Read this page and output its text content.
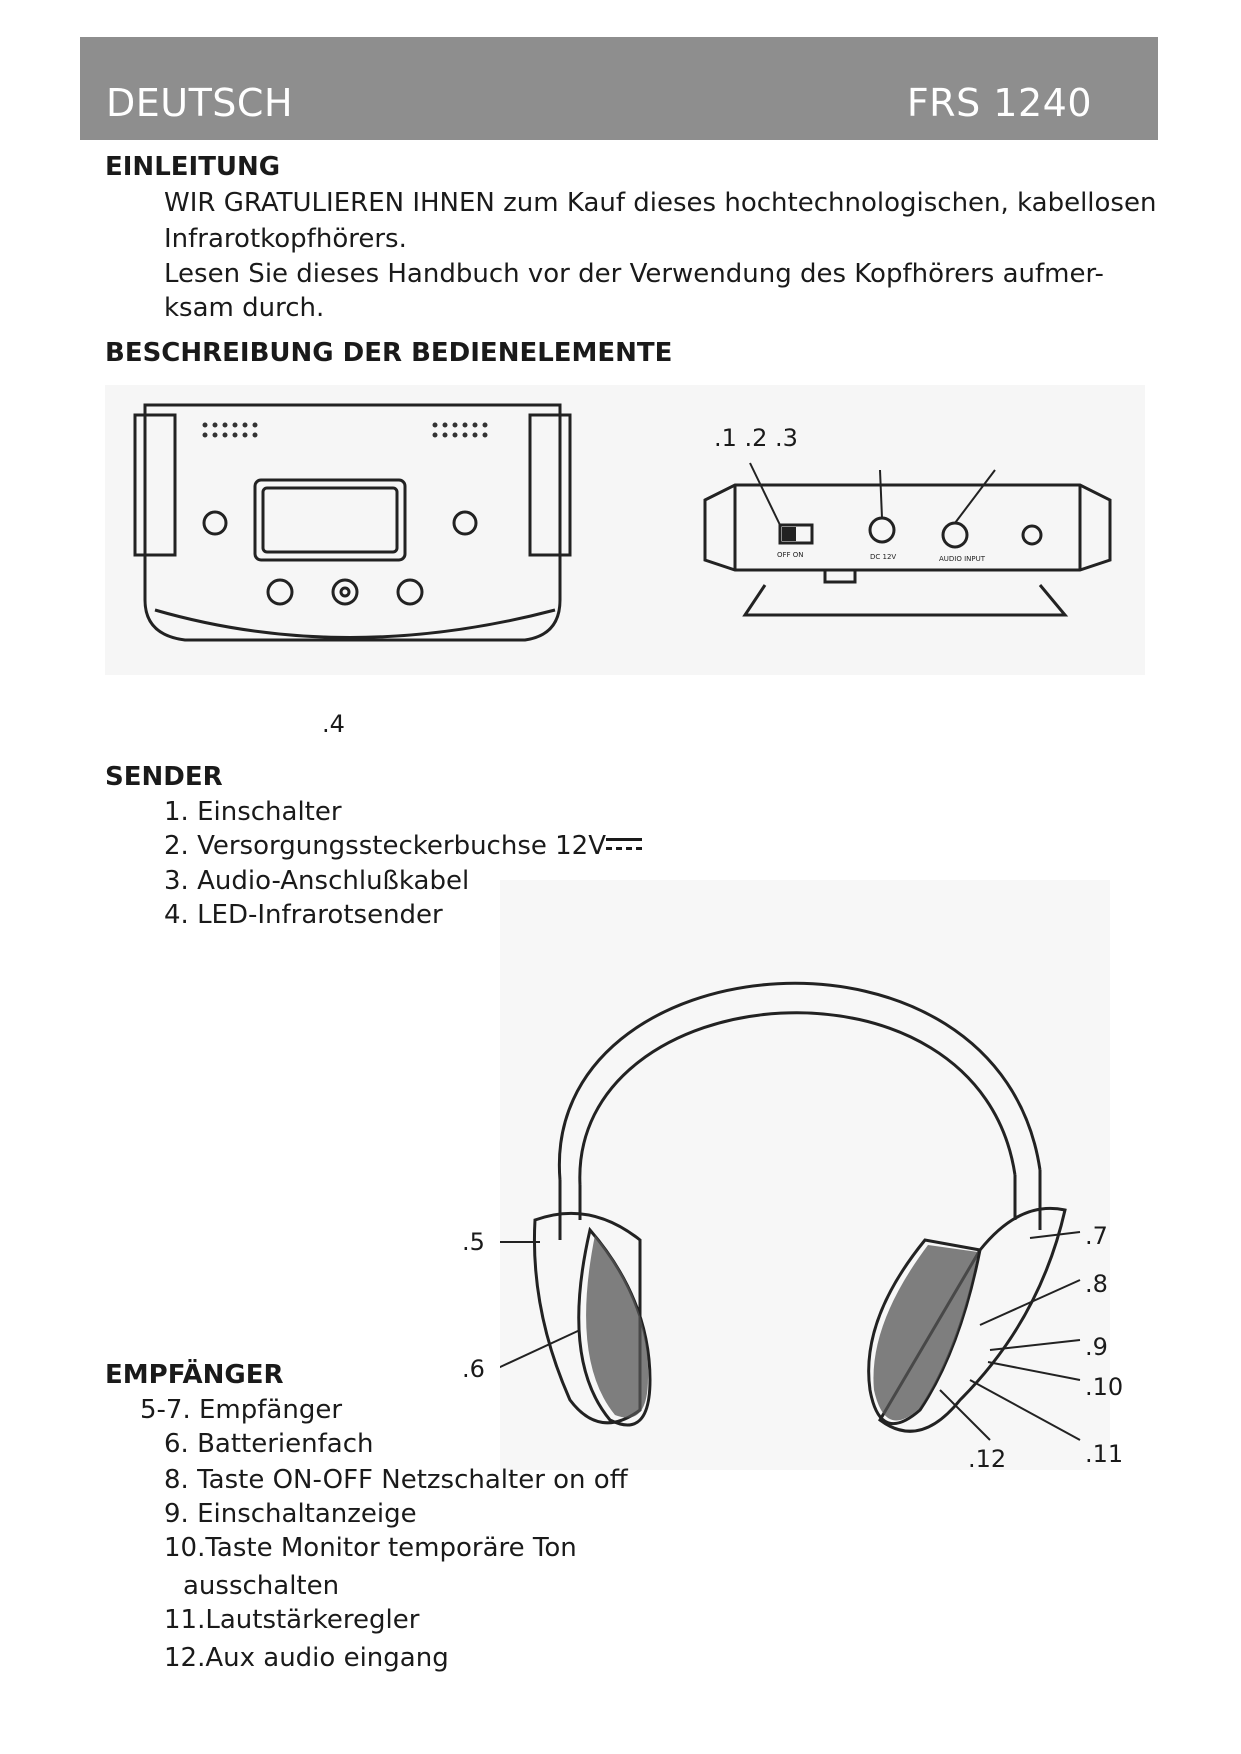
DEUTSCH	FRS 1240
EINLEITUNG
WIR GRATULIEREN IHNEN zum Kauf dieses hochtechnologischen, kabellosen
Infrarotkopfhörers.
Lesen Sie dieses Handbuch vor der Verwendung des Kopfhörers aufmer-
ksam durch.
BESCHREIBUNG DER BEDIENELEMENTE
OFF ON	DC 12V	AUDIO INPUT
.1 .2 .3
.4
SENDER
1. Einschalter
2. Versorgungssteckerbuchse 12V
3. Audio-Anschlußkabel
4. LED-Infrarotsender
.5
.6
.7
.8
.9
.10
.11
.12
EMPFÄNGER
5-7. Empfänger
6. Batterienfach
8. Taste ON-OFF Netzschalter on off
9. Einschaltanzeige
10.Taste Monitor temporäre Ton
ausschalten
11.Lautstärkeregler
12.Aux audio eingang
